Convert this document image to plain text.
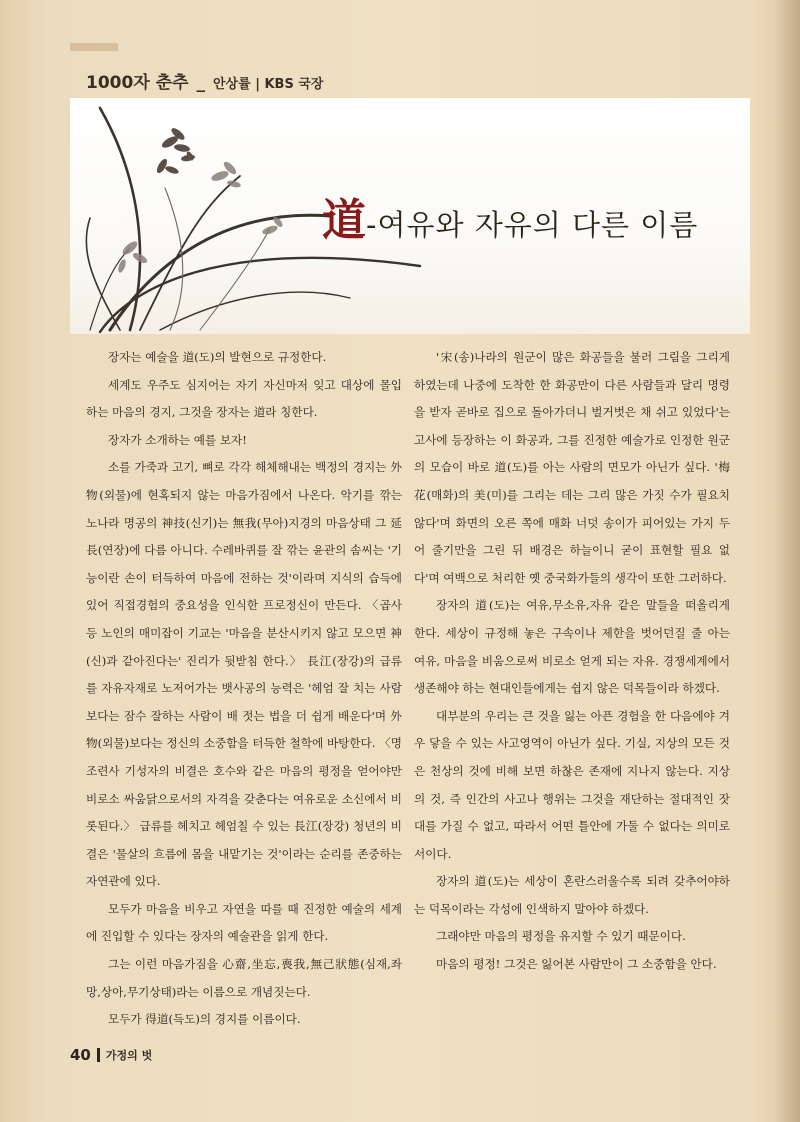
1000자 춘추 _ 안상률 | KBS 국장
道 -여유와 자유의 다른 이름

장자는 예술을 道(도)의 발현으로 규정한다.

세계도 우주도 심지어는 자기 자신마저 잊고 대상에 몰입하는 마음의 경지, 그것을 장자는 道라 칭한다.

장자가 소개하는 예를 보자!

소를 가죽과 고기, 뼈로 각각 해체해내는 백정의 경지는 外物(외물)에 현혹되지 않는 마음가짐에서 나온다. 악기를 깎는 노나라 명공의 神技(신기)는 無我(무아)지경의 마음상태 그 延長(연장)에 다름 아니다. 수레바퀴를 잘 깎는 윤관의 솜씨는 '기능이란 손이 터득하여 마음에 전하는 것'이라며 지식의 습득에 있어 직접경험의 중요성을 인식한 프로정신이 만든다. 〈곱사등 노인의 매미잡이 기교는 '마음을 분산시키지 않고 모으면 神(신)과 같아진다는' 진리가 뒷받침 한다.〉 長江(장강)의 급류를 자유자재로 노저어가는 뱃사공의 능력은 '헤엄 잘 치는 사람보다는 잠수 잘하는 사람이 배 젓는 법을 더 쉽게 배운다'며 外物(외물)보다는 정신의 소중함을 터득한 철학에 바탕한다. 〈명조련사 기성자의 비결은 호수와 같은 마음의 평정을 얻어야만 비로소 싸움닭으로서의 자격을 갖춘다는 여유로운 소신에서 비롯된다.〉 급류를 헤치고 헤엄칠 수 있는 長江(장강) 청년의 비결은 '물살의 흐름에 몸을 내맡기는 것'이라는 순리를 존중하는 자연관에 있다.

모두가 마음을 비우고 자연을 따를 때 진정한 예술의 세계에 진입할 수 있다는 장자의 예술관을 읽게 한다.

그는 이런 마음가짐을 心齋,坐忘,喪我,無己狀態(심재,좌망,상아,무기상태)라는 이름으로 개념짓는다.

모두가 得道(득도)의 경지를 이름이다.

'宋(송)나라의 원군이 많은 화공들을 불러 그림을 그리게 하였는데 나중에 도착한 한 화공만이 다른 사람들과 달리 명령을 받자 곧바로 집으로 돌아가더니 벌거벗은 채 쉬고 있었다'는 고사에 등장하는 이 화공과, 그를 진정한 예술가로 인정한 원군의 모습이 바로 道(도)를 아는 사람의 면모가 아닌가 싶다. '梅花(매화)의 美(미)를 그리는 데는 그리 많은 가짓 수가 필요치 않다'며 화면의 오른 쪽에 매화 너덧 송이가 피어있는 가지 두어 줄기만을 그린 뒤 배경은 하늘이니 굳이 표현할 필요 없다'며 여백으로 처리한 옛 중국화가들의 생각이 또한 그러하다.

장자의 道(도)는 여유,무소유,자유 같은 말들을 떠올리게 한다. 세상이 규정해 놓은 구속이나 제한을 벗어던질 줄 아는 여유, 마음을 비움으로써 비로소 얻게 되는 자유. 경쟁세계에서 생존해야 하는 현대인들에게는 쉽지 않은 덕목들이라 하겠다.

대부분의 우리는 큰 것을 잃는 아픈 경험을 한 다음에야 겨우 닿을 수 있는 사고영역이 아닌가 싶다. 기실, 지상의 모든 것은 천상의 것에 비해 보면 하찮은 존재에 지나지 않는다. 지상의 것, 즉 인간의 사고나 행위는 그것을 재단하는 절대적인 잣대를 가질 수 없고, 따라서 어떤 틀안에 가둘 수 없다는 의미로서이다.

장자의 道(도)는 세상이 혼란스러울수록 되려 갖추어야하는 덕목이라는 각성에 인색하지 말아야 하겠다.

그래야만 마음의 평정을 유지할 수 있기 때문이다.

마음의 평정! 그것은 잃어본 사람만이 그 소중함을 안다.

40 가정의 벗
